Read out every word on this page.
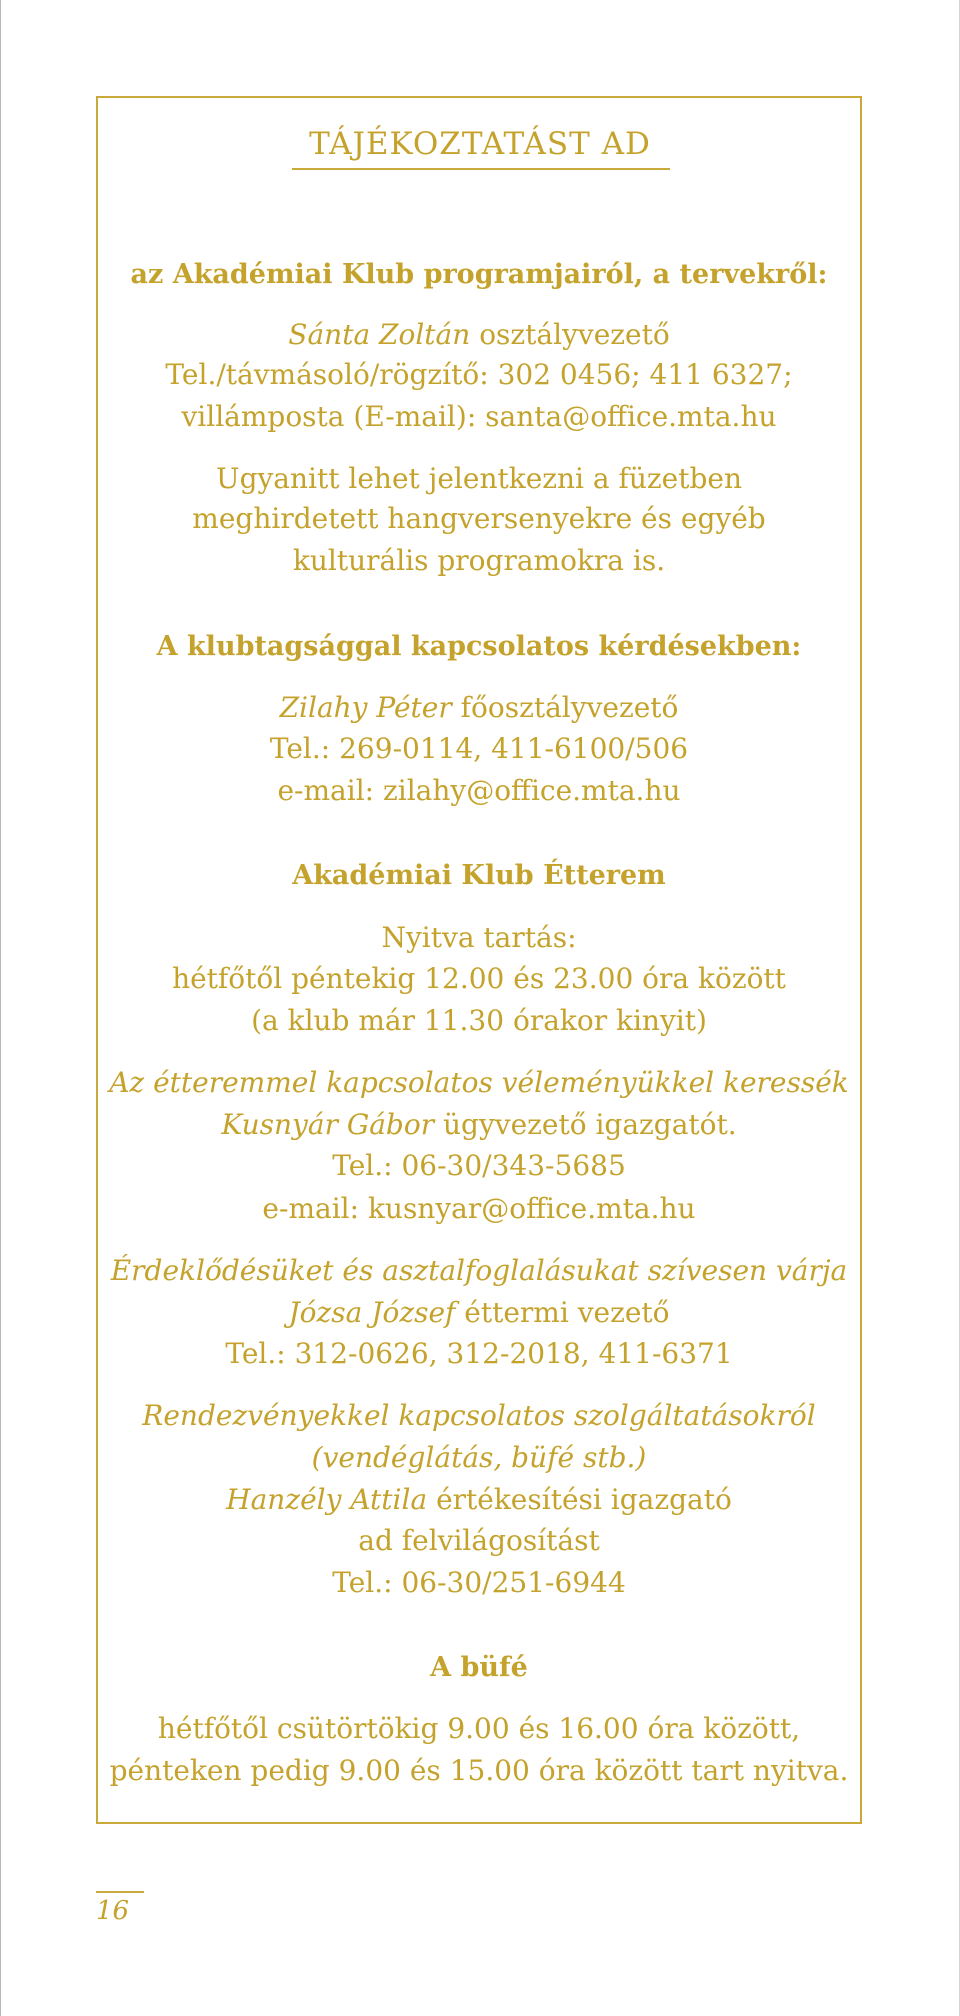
TÁJÉKOZTATÁST AD
az Akadémiai Klub programjairól, a tervekről:
Sánta Zoltán osztályvezető
Tel./távmásoló/rögzítő: 302 0456; 411 6327;
villámposta (E-mail): santa@office.mta.hu
Ugyanitt lehet jelentkezni a füzetben
meghirdetett hangversenyekre és egyéb
kulturális programokra is.
A klubtagsággal kapcsolatos kérdésekben:
Zilahy Péter főosztályvezető
Tel.: 269-0114, 411-6100/506
e-mail: zilahy@office.mta.hu
Akadémiai Klub Étterem
Nyitva tartás:
hétfőtől péntekig 12.00 és 23.00 óra között
(a klub már 11.30 órakor kinyit)
Az étteremmel kapcsolatos véleményükkel keressék
Kusnyár Gábor ügyvezető igazgatót.
Tel.: 06-30/343-5685
e-mail: kusnyar@office.mta.hu
Érdeklődésüket és asztalfoglalásukat szívesen várja
Józsa József éttermi vezető
Tel.: 312-0626, 312-2018, 411-6371
Rendezvényekkel kapcsolatos szolgáltatásokról
(vendéglátás, büfé stb.)
Hanzély Attila értékesítési igazgató
ad felvilágosítást
Tel.: 06-30/251-6944
A büfé
hétfőtől csütörtökig 9.00 és 16.00 óra között,
pénteken pedig 9.00 és 15.00 óra között tart nyitva.
16
